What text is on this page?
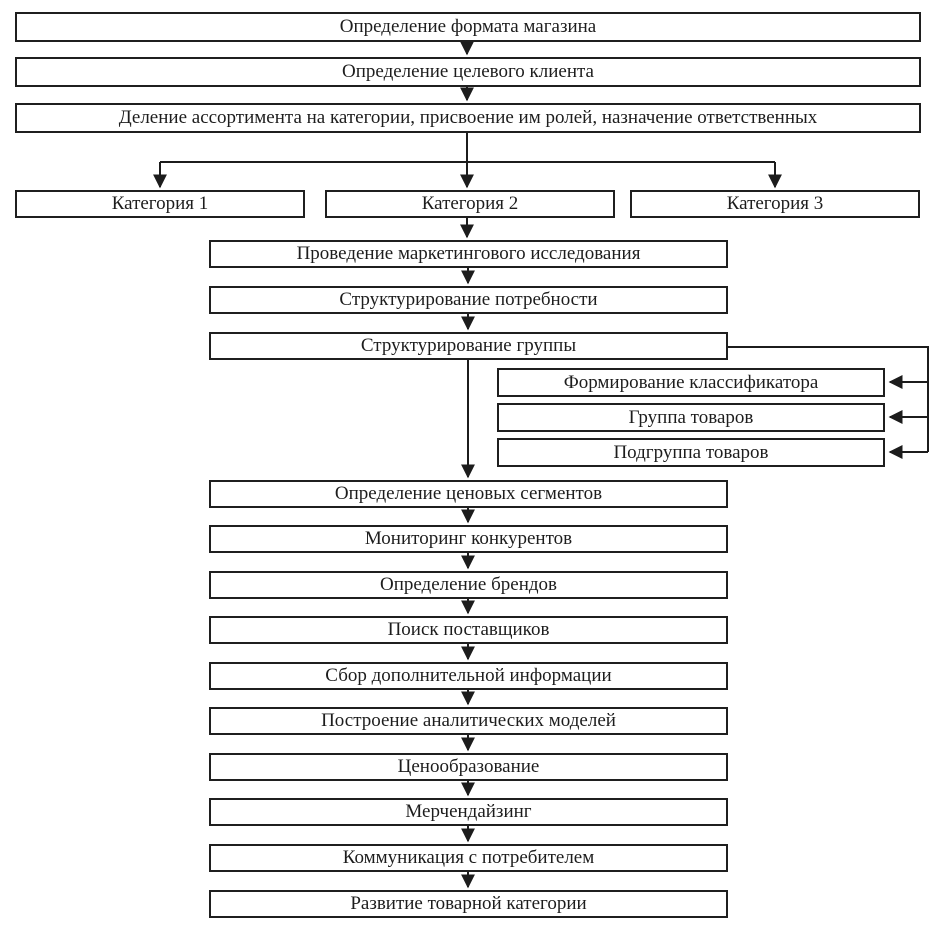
Определение формата магазина
Определение целевого клиента
Деление ассортимента на категории, присвоение им ролей, назначение ответственных
Категория 1	Категория 2	Категория 3
Проведение маркетингового исследования
Структурирование потребности
Структурирование группы
Определение ценовых сегментов
Мониторинг конкурентов
Определение брендов
Поиск поставщиков
Сбор дополнительной информации
Построение аналитических моделей
Ценообразование
Мерчендайзинг
Коммуникация с потребителем
Развитие товарной категории
Формирование классификатора
Группа товаров
Подгруппа товаров
